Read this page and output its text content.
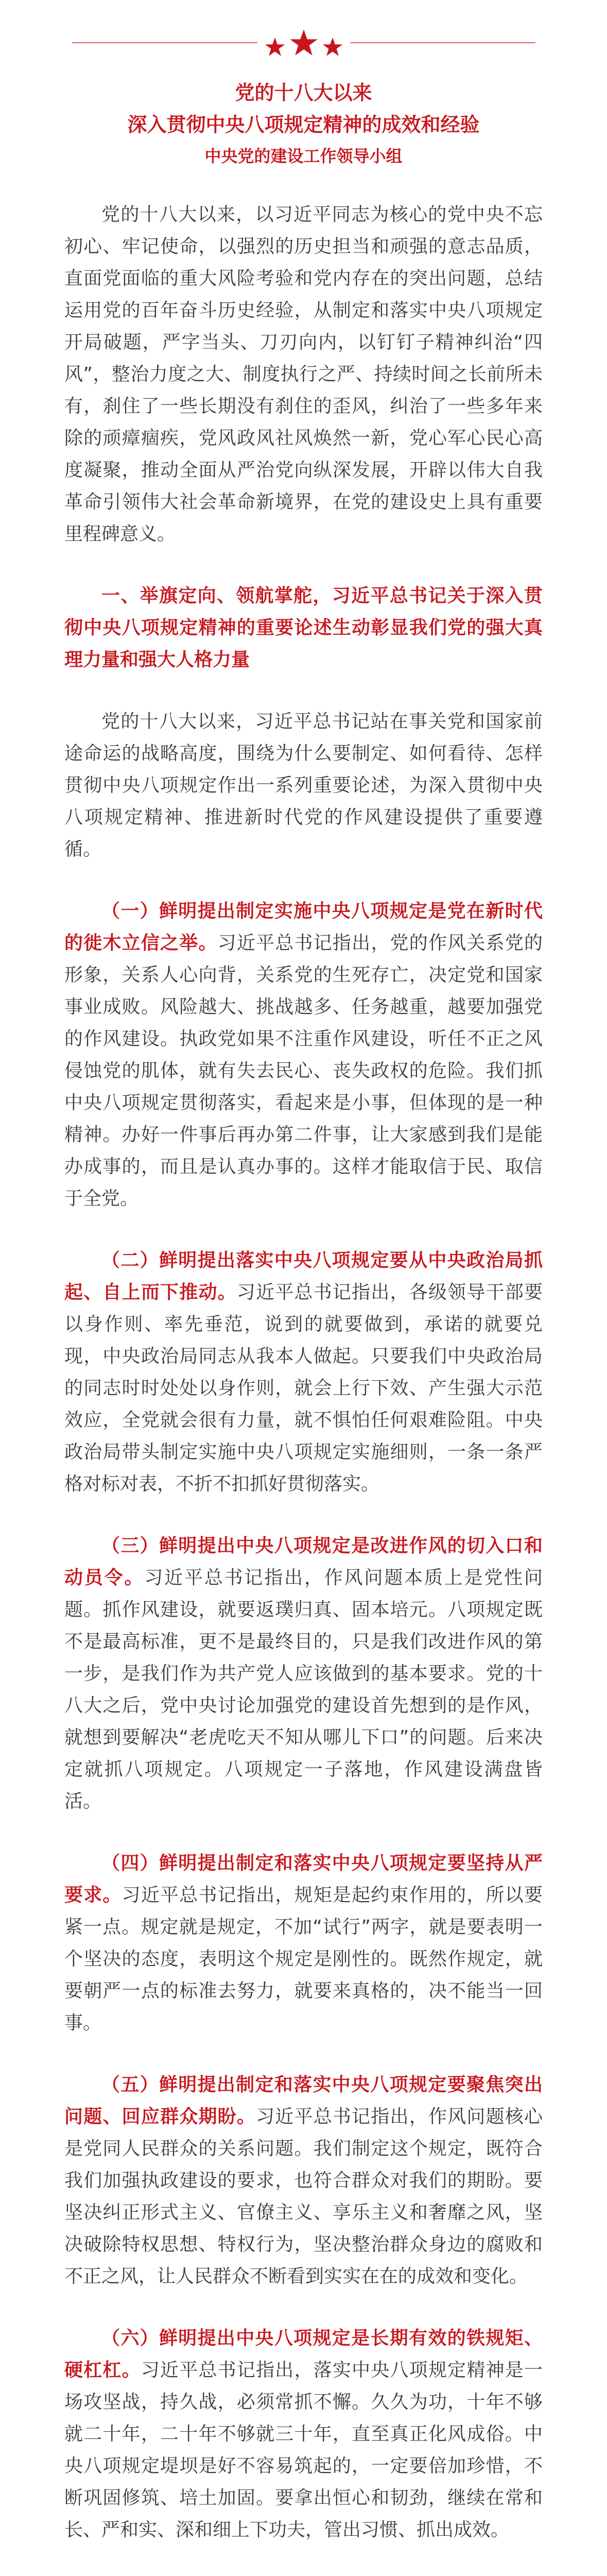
党的十八大以来
深入贯彻中央八项规定精神的成效和经验
中央党的建设工作领导小组

党的十八大以来，以习近平同志为核心的党中央不忘初心、牢记使命，以强烈的历史担当和顽强的意志品质，直面党面临的重大风险考验和党内存在的突出问题，总结运用党的百年奋斗历史经验，从制定和落实中央八项规定开局破题，严字当头、刀刃向内，以钉钉子精神纠治“四风”，整治力度之大、制度执行之严、持续时间之长前所未有，刹住了一些长期没有刹住的歪风，纠治了一些多年来除的顽瘴痼疾，党风政风社风焕然一新，党心军心民心高度凝聚，推动全面从严治党向纵深发展，开辟以伟大自我革命引领伟大社会革命新境界，在党的建设史上具有重要里程碑意义。

一、举旗定向、领航掌舵，习近平总书记关于深入贯彻中央八项规定精神的重要论述生动彰显我们党的强大真理力量和强大人格力量

党的十八大以来，习近平总书记站在事关党和国家前途命运的战略高度，围绕为什么要制定、如何看待、怎样贯彻中央八项规定作出一系列重要论述，为深入贯彻中央八项规定精神、推进新时代党的作风建设提供了重要遵循。

（一）鲜明提出制定实施中央八项规定是党在新时代的徙木立信之举。习近平总书记指出，党的作风关系党的形象，关系人心向背，关系党的生死存亡，决定党和国家事业成败。风险越大、挑战越多、任务越重，越要加强党的作风建设。执政党如果不注重作风建设，听任不正之风侵蚀党的肌体，就有失去民心、丧失政权的危险。我们抓中央八项规定贯彻落实，看起来是小事，但体现的是一种精神。办好一件事后再办第二件事，让大家感到我们是能办成事的，而且是认真办事的。这样才能取信于民、取信于全党。

（二）鲜明提出落实中央八项规定要从中央政治局抓起、自上而下推动。习近平总书记指出，各级领导干部要以身作则、率先垂范，说到的就要做到，承诺的就要兑现，中央政治局同志从我本人做起。只要我们中央政治局的同志时时处处以身作则，就会上行下效、产生强大示范效应，全党就会很有力量，就不惧怕任何艰难险阻。中央政治局带头制定实施中央八项规定实施细则，一条一条严格对标对表，不折不扣抓好贯彻落实。

（三）鲜明提出中央八项规定是改进作风的切入口和动员令。习近平总书记指出，作风问题本质上是党性问题。抓作风建设，就要返璞归真、固本培元。八项规定既不是最高标准，更不是最终目的，只是我们改进作风的第一步，是我们作为共产党人应该做到的基本要求。党的十八大之后，党中央讨论加强党的建设首先想到的是作风，就想到要解决“老虎吃天不知从哪儿下口”的问题。后来决定就抓八项规定。八项规定一子落地，作风建设满盘皆活。

（四）鲜明提出制定和落实中央八项规定要坚持从严要求。习近平总书记指出，规矩是起约束作用的，所以要紧一点。规定就是规定，不加“试行”两字，就是要表明一个坚决的态度，表明这个规定是刚性的。既然作规定，就要朝严一点的标准去努力，就要来真格的，决不能当一回事。

（五）鲜明提出制定和落实中央八项规定要聚焦突出问题、回应群众期盼。习近平总书记指出，作风问题核心是党同人民群众的关系问题。我们制定这个规定，既符合我们加强执政建设的要求，也符合群众对我们的期盼。要坚决纠正形式主义、官僚主义、享乐主义和奢靡之风，坚决破除特权思想、特权行为，坚决整治群众身边的腐败和不正之风，让人民群众不断看到实实在在的成效和变化。

（六）鲜明提出中央八项规定是长期有效的铁规矩、硬杠杠。习近平总书记指出，落实中央八项规定精神是一场攻坚战，持久战，必须常抓不懈。久久为功，十年不够就二十年，二十年不够就三十年，直至真正化风成俗。中央八项规定堤坝是好不容易筑起的，一定要倍加珍惜，不断巩固修筑、培土加固。要拿出恒心和韧劲，继续在常和长、严和实、深和细上下功夫，管出习惯、抓出成效。
